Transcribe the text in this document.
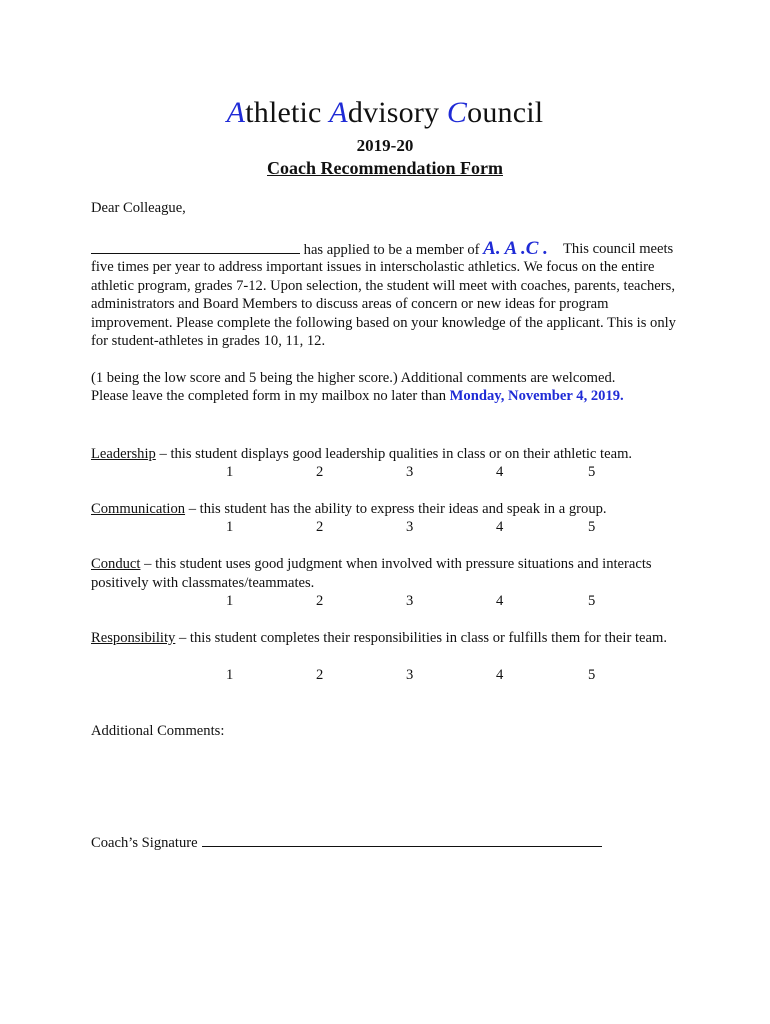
Athletic Advisory Council
2019-20
Coach Recommendation Form
Dear Colleague,
has applied to be a member of A. A .C . This council meets
five times per year to address important issues in interscholastic athletics. We focus on the entire athletic program, grades 7-12. Upon selection, the student will meet with coaches, parents, teachers, administrators and Board Members to discuss areas of concern or new ideas for program improvement. Please complete the following based on your knowledge of the applicant. This is only for student-athletes in grades 10, 11, 12.
(1 being the low score and 5 being the higher score.) Additional comments are welcomed.
Please leave the completed form in my mailbox no later than Monday, November 4, 2019.
Leadership – this student displays good leadership qualities in class or on their athletic team.
1	2	3	4	5
Communication – this student has the ability to express their ideas and speak in a group.
1	2	3	4	5
Conduct – this student uses good judgment when involved with pressure situations and interacts positively with classmates/teammates.
1	2	3	4	5
Responsibility – this student completes their responsibilities in class or fulfills them for their team.
1	2	3	4	5
Additional Comments:
Coach’s Signature
